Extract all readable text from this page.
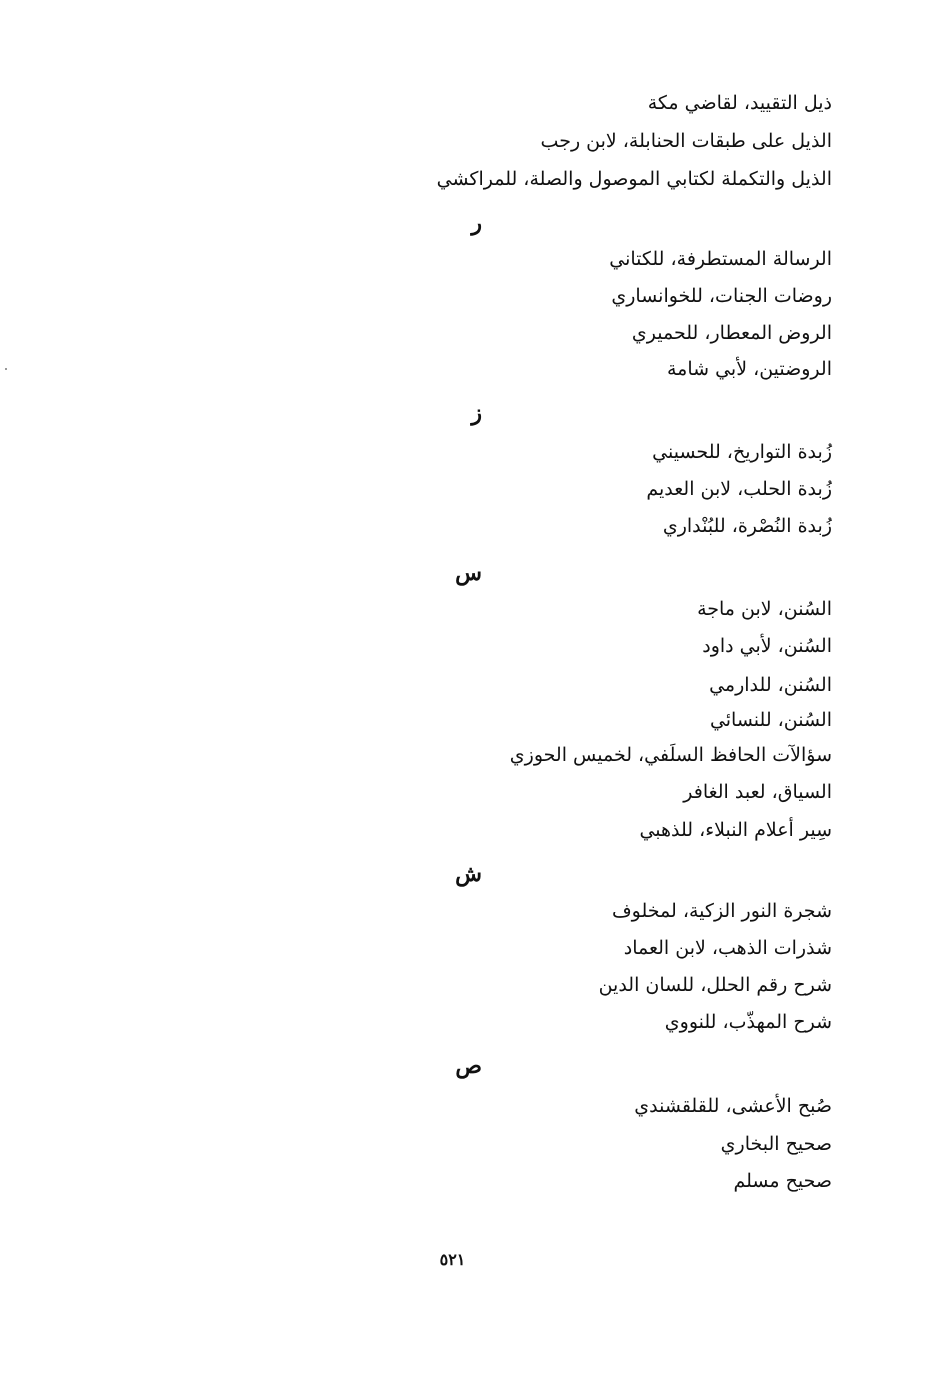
ذيل التقييد، لقاضي مكة
الذيل على طبقات الحنابلة، لابن رجب
الذيل والتكملة لكتابي الموصول والصلة، للمراكشي
ر
الرسالة المستطرفة، للكتاني
روضات الجنات، للخوانساري
الروض المعطار، للحميري
الروضتين، لأبي شامة
ز
زُبدة التواريخ، للحسيني
زُبدة الحلب، لابن العديم
زُبدة النُصْرة، للبُنْداري
س
السُنن، لابن ماجة
السُنن، لأبي داود
السُنن، للدارمي
السُنن، للنسائي
سؤالآت الحافظ السلَفي، لخميس الحوزي
السياق، لعبد الغافر
سِير أعلام النبلاء، للذهبي
ش
شجرة النور الزكية، لمخلوف
شذرات الذهب، لابن العماد
شرح رقم الحلل، للسان الدين
شرح المهذّب، للنووي
ص
صُبح الأعشى، للقلقشندي
صحيح البخاري
صحيح مسلم
٥٢١
